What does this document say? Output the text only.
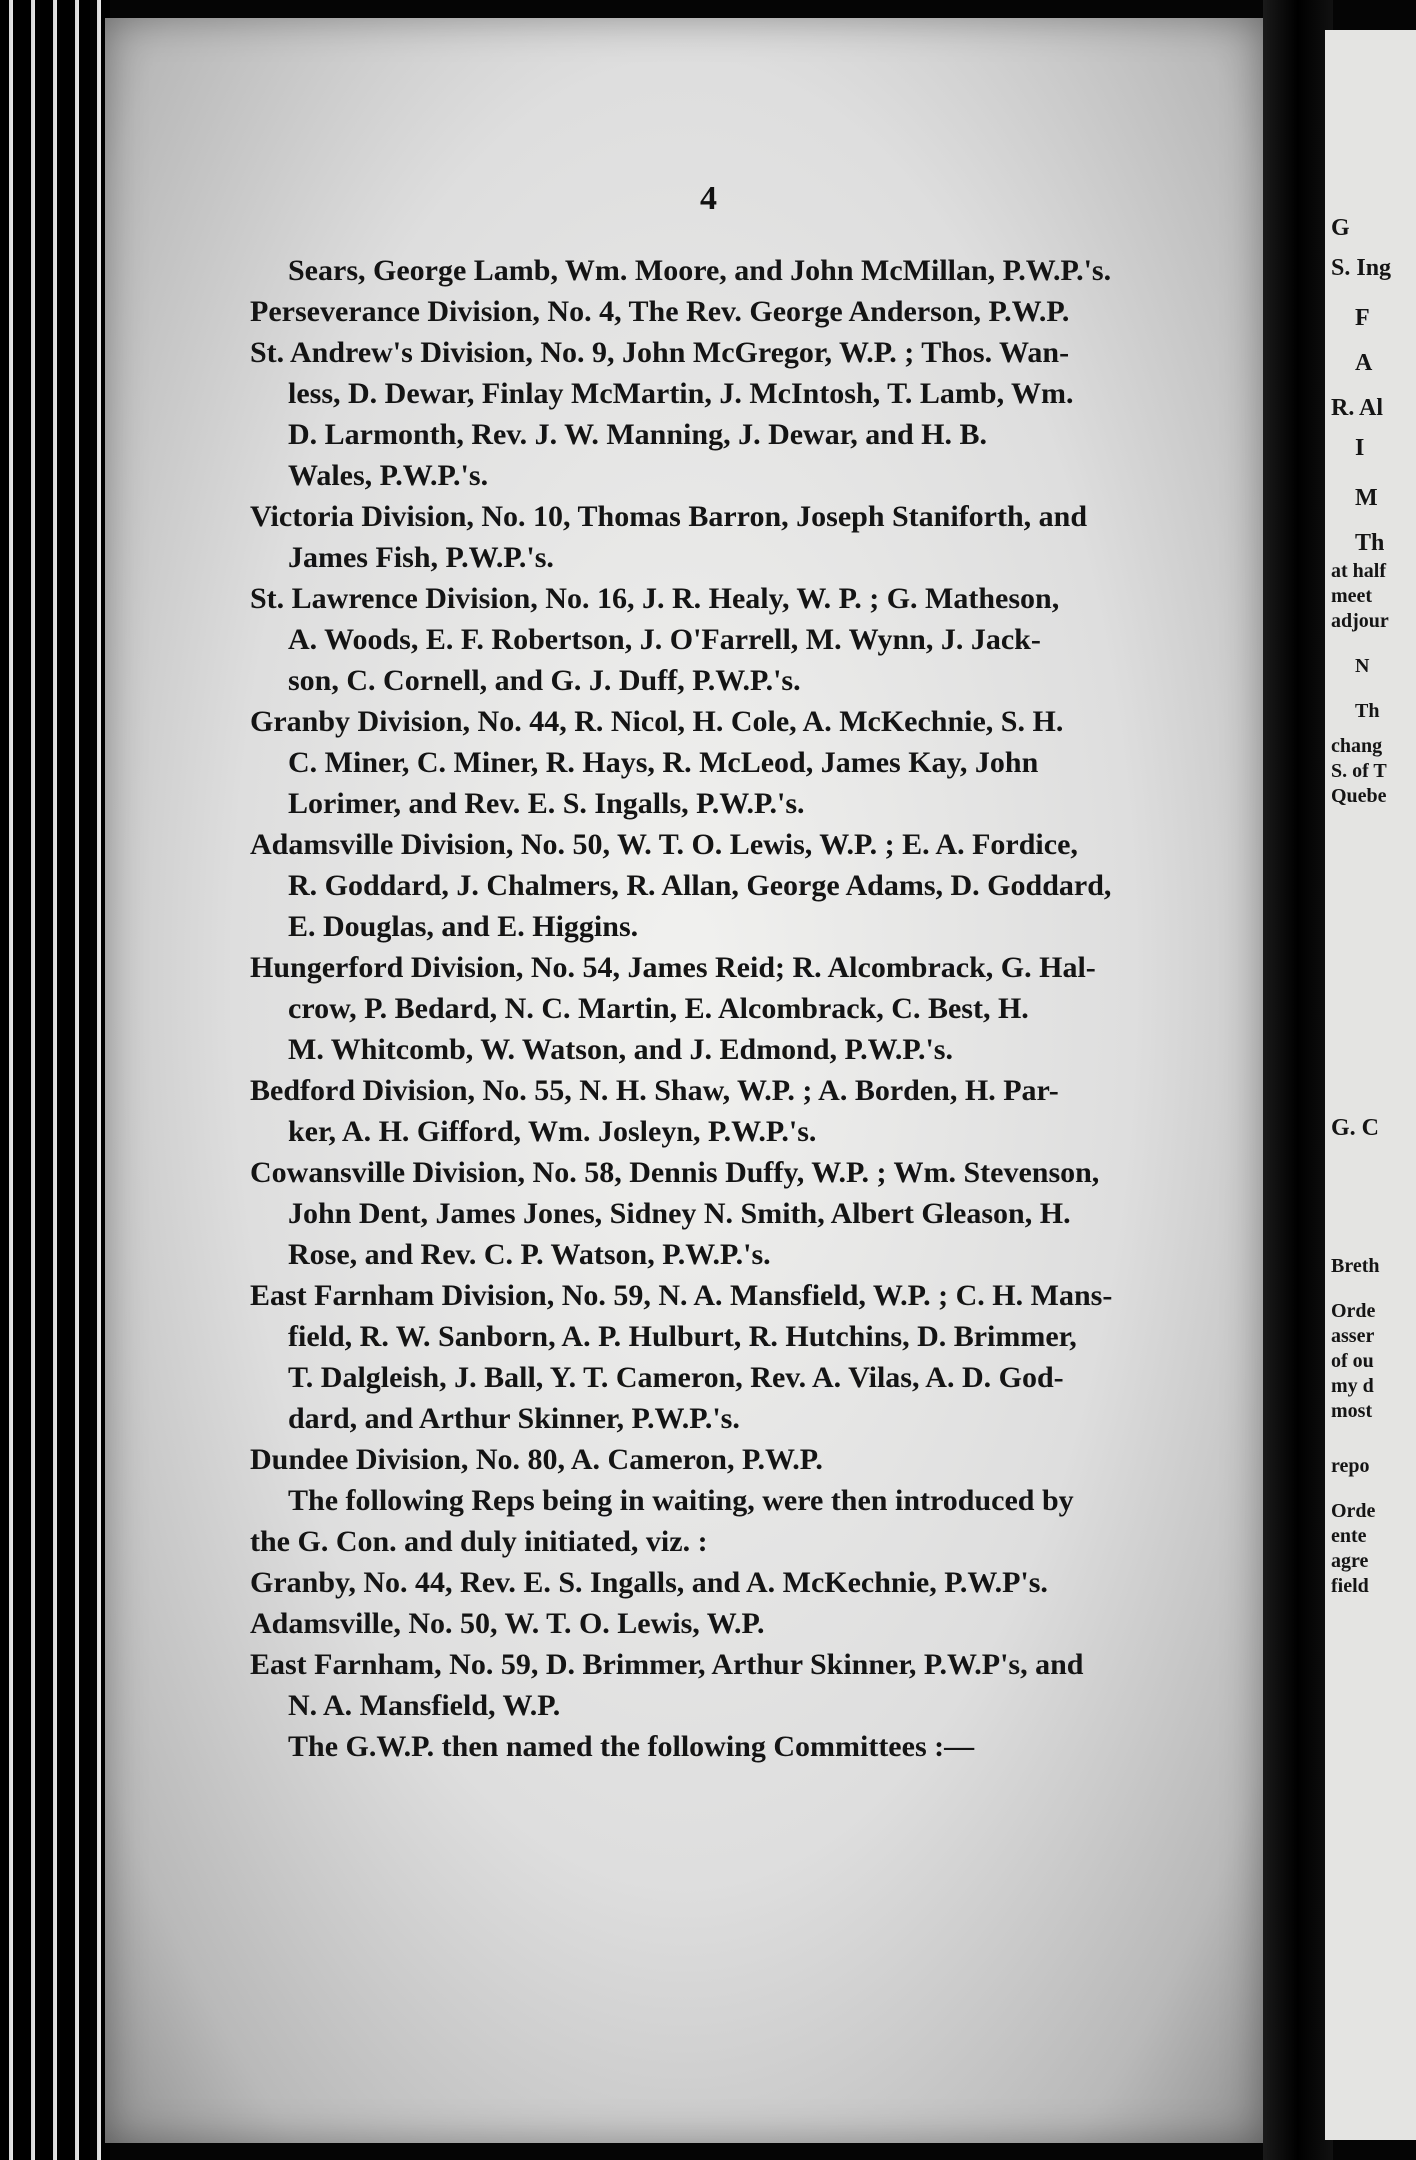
4
Sears, George Lamb, Wm. Moore, and John McMillan, P.W.P.'s.
Perseverance Division, No. 4, The Rev. George Anderson, P.W.P.
St. Andrew's Division, No. 9, John McGregor, W.P. ; Thos. Wan-
less, D. Dewar, Finlay McMartin, J. McIntosh, T. Lamb, Wm.
D. Larmonth, Rev. J. W. Manning, J. Dewar, and H. B.
Wales, P.W.P.'s.
Victoria Division, No. 10, Thomas Barron, Joseph Staniforth, and
James Fish, P.W.P.'s.
St. Lawrence Division, No. 16, J. R. Healy, W. P. ; G. Matheson,
A. Woods, E. F. Robertson, J. O'Farrell, M. Wynn, J. Jack-
son, C. Cornell, and G. J. Duff, P.W.P.'s.
Granby Division, No. 44, R. Nicol, H. Cole, A. McKechnie, S. H.
C. Miner, C. Miner, R. Hays, R. McLeod, James Kay, John
Lorimer, and Rev. E. S. Ingalls, P.W.P.'s.
Adamsville Division, No. 50, W. T. O. Lewis, W.P. ; E. A. Fordice,
R. Goddard, J. Chalmers, R. Allan, George Adams, D. Goddard,
E. Douglas, and E. Higgins.
Hungerford Division, No. 54, James Reid; R. Alcombrack, G. Hal-
crow, P. Bedard, N. C. Martin, E. Alcombrack, C. Best, H.
M. Whitcomb, W. Watson, and J. Edmond, P.W.P.'s.
Bedford Division, No. 55, N. H. Shaw, W.P. ; A. Borden, H. Par-
ker, A. H. Gifford, Wm. Josleyn, P.W.P.'s.
Cowansville Division, No. 58, Dennis Duffy, W.P. ; Wm. Stevenson,
John Dent, James Jones, Sidney N. Smith, Albert Gleason, H.
Rose, and Rev. C. P. Watson, P.W.P.'s.
East Farnham Division, No. 59, N. A. Mansfield, W.P. ; C. H. Mans-
field, R. W. Sanborn, A. P. Hulburt, R. Hutchins, D. Brimmer,
T. Dalgleish, J. Ball, Y. T. Cameron, Rev. A. Vilas, A. D. God-
dard, and Arthur Skinner, P.W.P.'s.
Dundee Division, No. 80, A. Cameron, P.W.P.
The following Reps being in waiting, were then introduced by
the G. Con. and duly initiated, viz. :
Granby, No. 44, Rev. E. S. Ingalls, and A. McKechnie, P.W.P's.
Adamsville, No. 50, W. T. O. Lewis, W.P.
East Farnham, No. 59, D. Brimmer, Arthur Skinner, P.W.P's, and
N. A. Mansfield, W.P.
The G.W.P. then named the following Committees :—
G
S. Ing
F
A
R. Al
I
M
Th
at half
meet
adjour
N
Th
chang
S. of T
Quebe
G. C
Breth
Orde
asser
of ou
my d
most
repo
Orde
ente
agre
field
